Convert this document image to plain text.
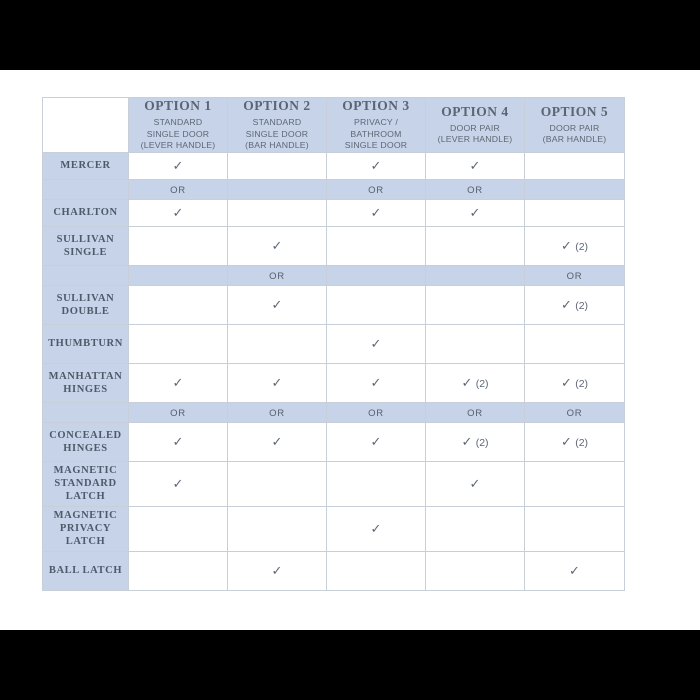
	OPTION 1
STANDARD
SINGLE DOOR
(LEVER HANDLE)	OPTION 2
STANDARD
SINGLE DOOR
(BAR HANDLE)	OPTION 3
PRIVACY /
BATHROOM
SINGLE DOOR	OPTION 4
DOOR PAIR
(LEVER HANDLE)	OPTION 5
DOOR PAIR
(BAR HANDLE)

MERCER	✓		✓	✓	
	OR		OR	OR	
CHARLTON	✓		✓	✓	
SULLIVAN SINGLE		✓			✓ (2)
		OR			OR
SULLIVAN DOUBLE		✓			✓ (2)
THUMBTURN			✓		
MANHATTAN HINGES	✓	✓	✓	✓ (2)	✓ (2)
	OR	OR	OR	OR	OR
CONCEALED HINGES	✓	✓	✓	✓ (2)	✓ (2)
MAGNETIC STANDARD LATCH	✓			✓	
MAGNETIC PRIVACY LATCH			✓		
BALL LATCH		✓			✓
